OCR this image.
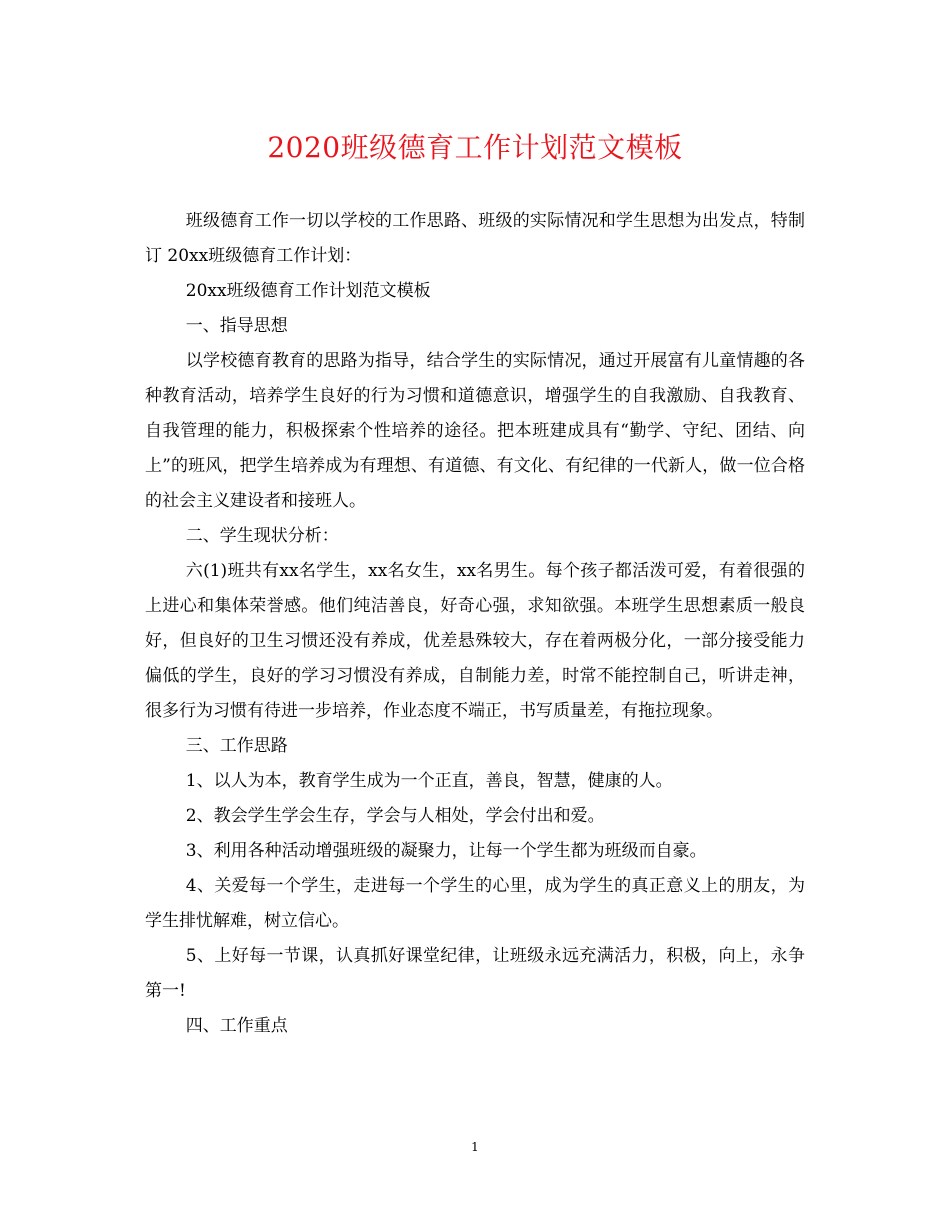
2020班级德育工作计划范文模板

班级德育工作一切以学校的工作思路、班级的实际情况和学生思想为出发点，特制订 20xx班级德育工作计划：

20xx班级德育工作计划范文模板

一、指导思想

以学校德育教育的思路为指导，结合学生的实际情况，通过开展富有儿童情趣的各种教育活动，培养学生良好的行为习惯和道德意识，增强学生的自我激励、自我教育、自我管理的能力，积极探索个性培养的途径。把本班建成具有“勤学、守纪、团结、向上”的班风，把学生培养成为有理想、有道德、有文化、有纪律的一代新人，做一位合格的社会主义建设者和接班人。

二、学生现状分析：

六(1)班共有xx名学生，xx名女生，xx名男生。每个孩子都活泼可爱，有着很强的上进心和集体荣誉感。他们纯洁善良，好奇心强，求知欲强。本班学生思想素质一般良好，但良好的卫生习惯还没有养成，优差悬殊较大，存在着两极分化，一部分接受能力偏低的学生，良好的学习习惯没有养成，自制能力差，时常不能控制自己，听讲走神，很多行为习惯有待进一步培养，作业态度不端正，书写质量差，有拖拉现象。

三、工作思路

1、以人为本，教育学生成为一个正直，善良，智慧，健康的人。

2、教会学生学会生存，学会与人相处，学会付出和爱。

3、利用各种活动增强班级的凝聚力，让每一个学生都为班级而自豪。

4、关爱每一个学生，走进每一个学生的心里，成为学生的真正意义上的朋友，为学生排忧解难，树立信心。

5、上好每一节课，认真抓好课堂纪律，让班级永远充满活力，积极，向上，永争第一!

四、工作重点

1
